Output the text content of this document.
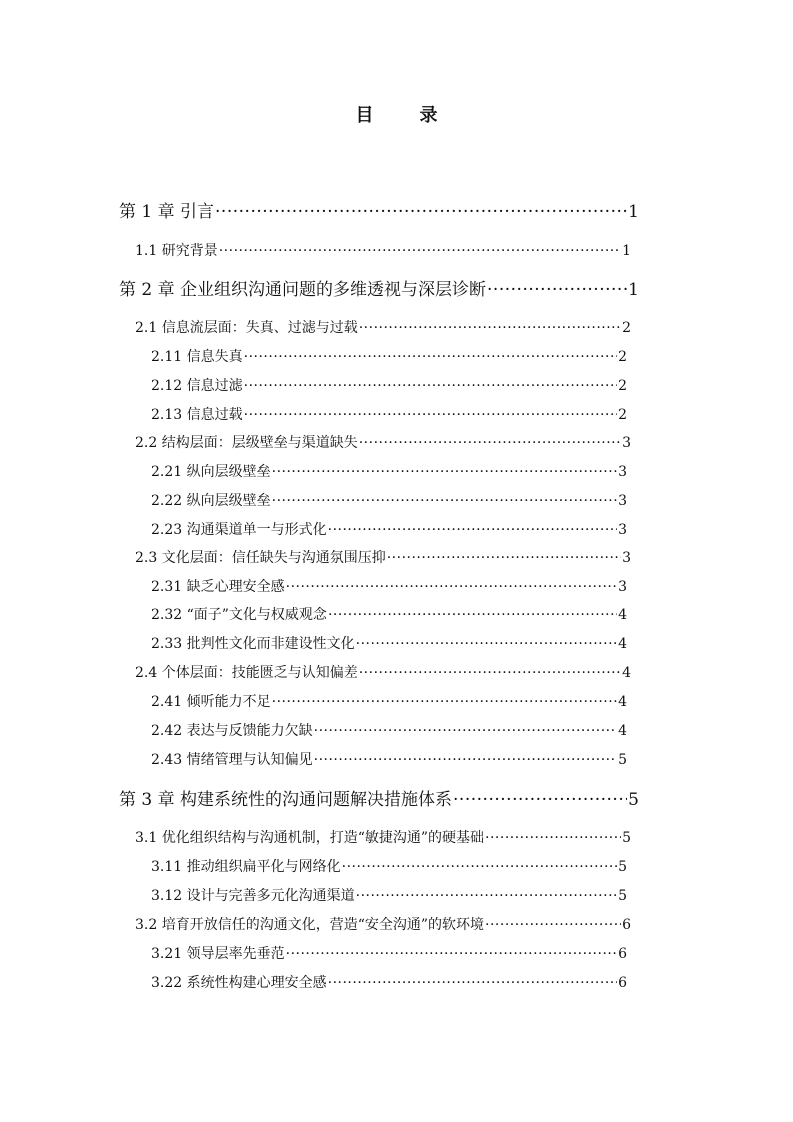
目　录
第 1 章 引言 ·····	1
1.1 研究背景 ·····	1
第 2 章 企业组织沟通问题的多维透视与深层诊断 ·····	1
2.1 信息流层面：失真、过滤与过载 ·····	2
2.11 信息失真 ·····	2
2.12 信息过滤 ·····	2
2.13 信息过载 ·····	2
2.2 结构层面：层级壁垒与渠道缺失 ·····	3
2.21 纵向层级壁垒 ·····	3
2.22 纵向层级壁垒 ·····	3
2.23 沟通渠道单一与形式化 ·····	3
2.3 文化层面：信任缺失与沟通氛围压抑 ·····	3
2.31 缺乏心理安全感 ·····	3
2.32 “面子”文化与权威观念 ·····	4
2.33 批判性文化而非建设性文化 ·····	4
2.4 个体层面：技能匮乏与认知偏差 ·····	4
2.41 倾听能力不足 ·····	4
2.42 表达与反馈能力欠缺 ·····	4
2.43 情绪管理与认知偏见 ·····	5
第 3 章 构建系统性的沟通问题解决措施体系 ·····	5
3.1 优化组织结构与沟通机制，打造“敏捷沟通”的硬基础 ·····	5
3.11 推动组织扁平化与网络化 ·····	5
3.12 设计与完善多元化沟通渠道 ·····	5
3.2 培育开放信任的沟通文化，营造“安全沟通”的软环境 ·····	6
3.21 领导层率先垂范 ·····	6
3.22 系统性构建心理安全感 ·····	6
